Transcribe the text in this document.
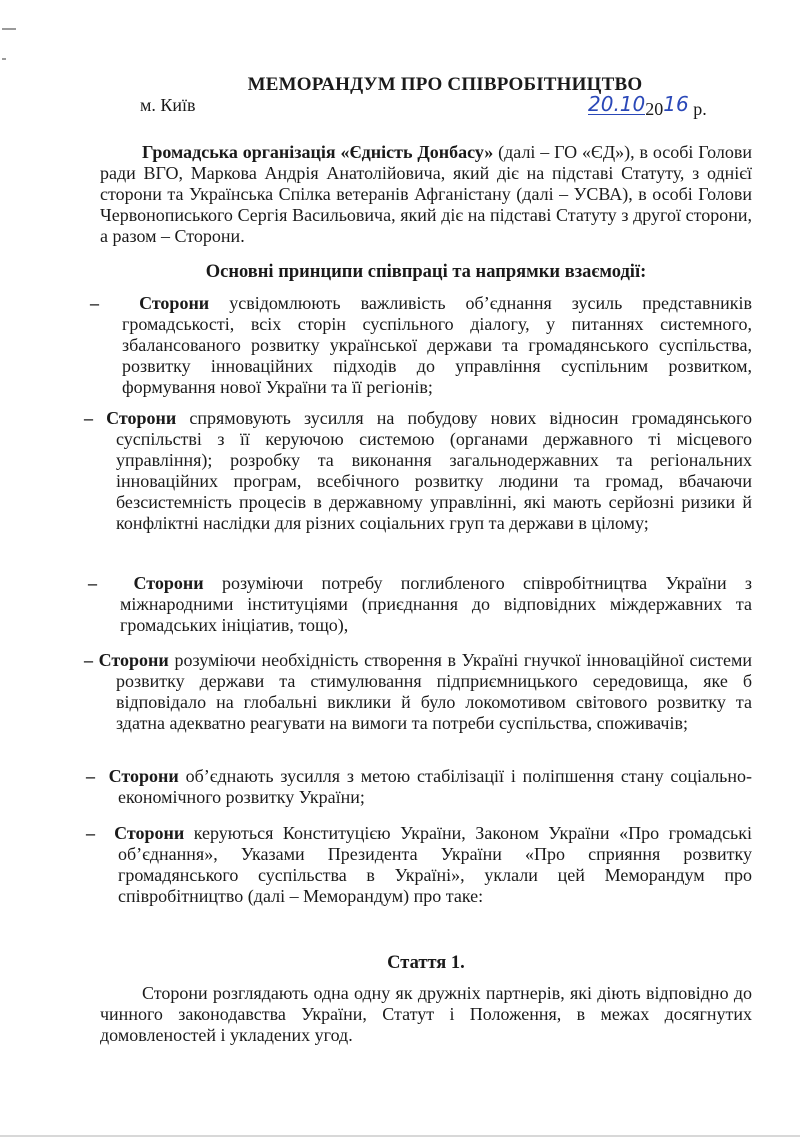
МЕМОРАНДУМ ПРО СПІВРОБІТНИЦТВО
м. Київ	20.102016 р.
Громадська організація «Єдність Донбасу» (далі – ГО «ЄД»), в особі Голови ради ВГО, Маркова Андрія Анатолійовича, який діє на підставі Статуту, з однієї сторони та Українська Спілка ветеранів Афганістану (далі – УСВА), в особі Голови Червонописького Сергія Васильовича, який діє на підставі Статуту з другої сторони, а разом – Сторони.
Основні принципи співпраці та напрямки взаємодії:
– Сторони усвідомлюють важливість об’єднання зусиль представників громадськості, всіх сторін суспільного діалогу, у питаннях системного, збалансованого розвитку української держави та громадянського суспільства, розвитку інноваційних підходів до управління суспільним розвитком, формування нової України та її регіонів;
– Сторони спрямовують зусилля на побудову нових відносин громадянського суспільстві з її керуючою системою (органами державного ті місцевого управління); розробку та виконання загальнодержавних та регіональних інноваційних програм, всебічного розвитку людини та громад, вбачаючи безсистемність процесів в державному управлінні, які мають серйозні ризики й конфліктні наслідки для різних соціальних груп та держави в цілому;
– Сторони розуміючи потребу поглибленого співробітництва України з міжнародними інституціями (приєднання до відповідних міждержавних та громадських ініціатив, тощо),
– Сторони розуміючи необхідність створення в Україні гнучкої інноваційної системи розвитку держави та стимулювання підприємницького середовища, яке б відповідало на глобальні виклики й було локомотивом світового розвитку та здатна адекватно реагувати на вимоги та потреби суспільства, споживачів;
– Сторони об’єднають зусилля з метою стабілізації і поліпшення стану соціально-економічного розвитку України;
– Сторони керуються Конституцією України, Законом України «Про громадські об’єднання», Указами Президента України «Про сприяння розвитку громадянського суспільства в Україні», уклали цей Меморандум про співробітництво (далі – Меморандум) про таке:
Стаття 1.
Сторони розглядають одна одну як дружніх партнерів, які діють відповідно до чинного законодавства України, Статут і Положення, в межах досягнутих домовленостей і укладених угод.
